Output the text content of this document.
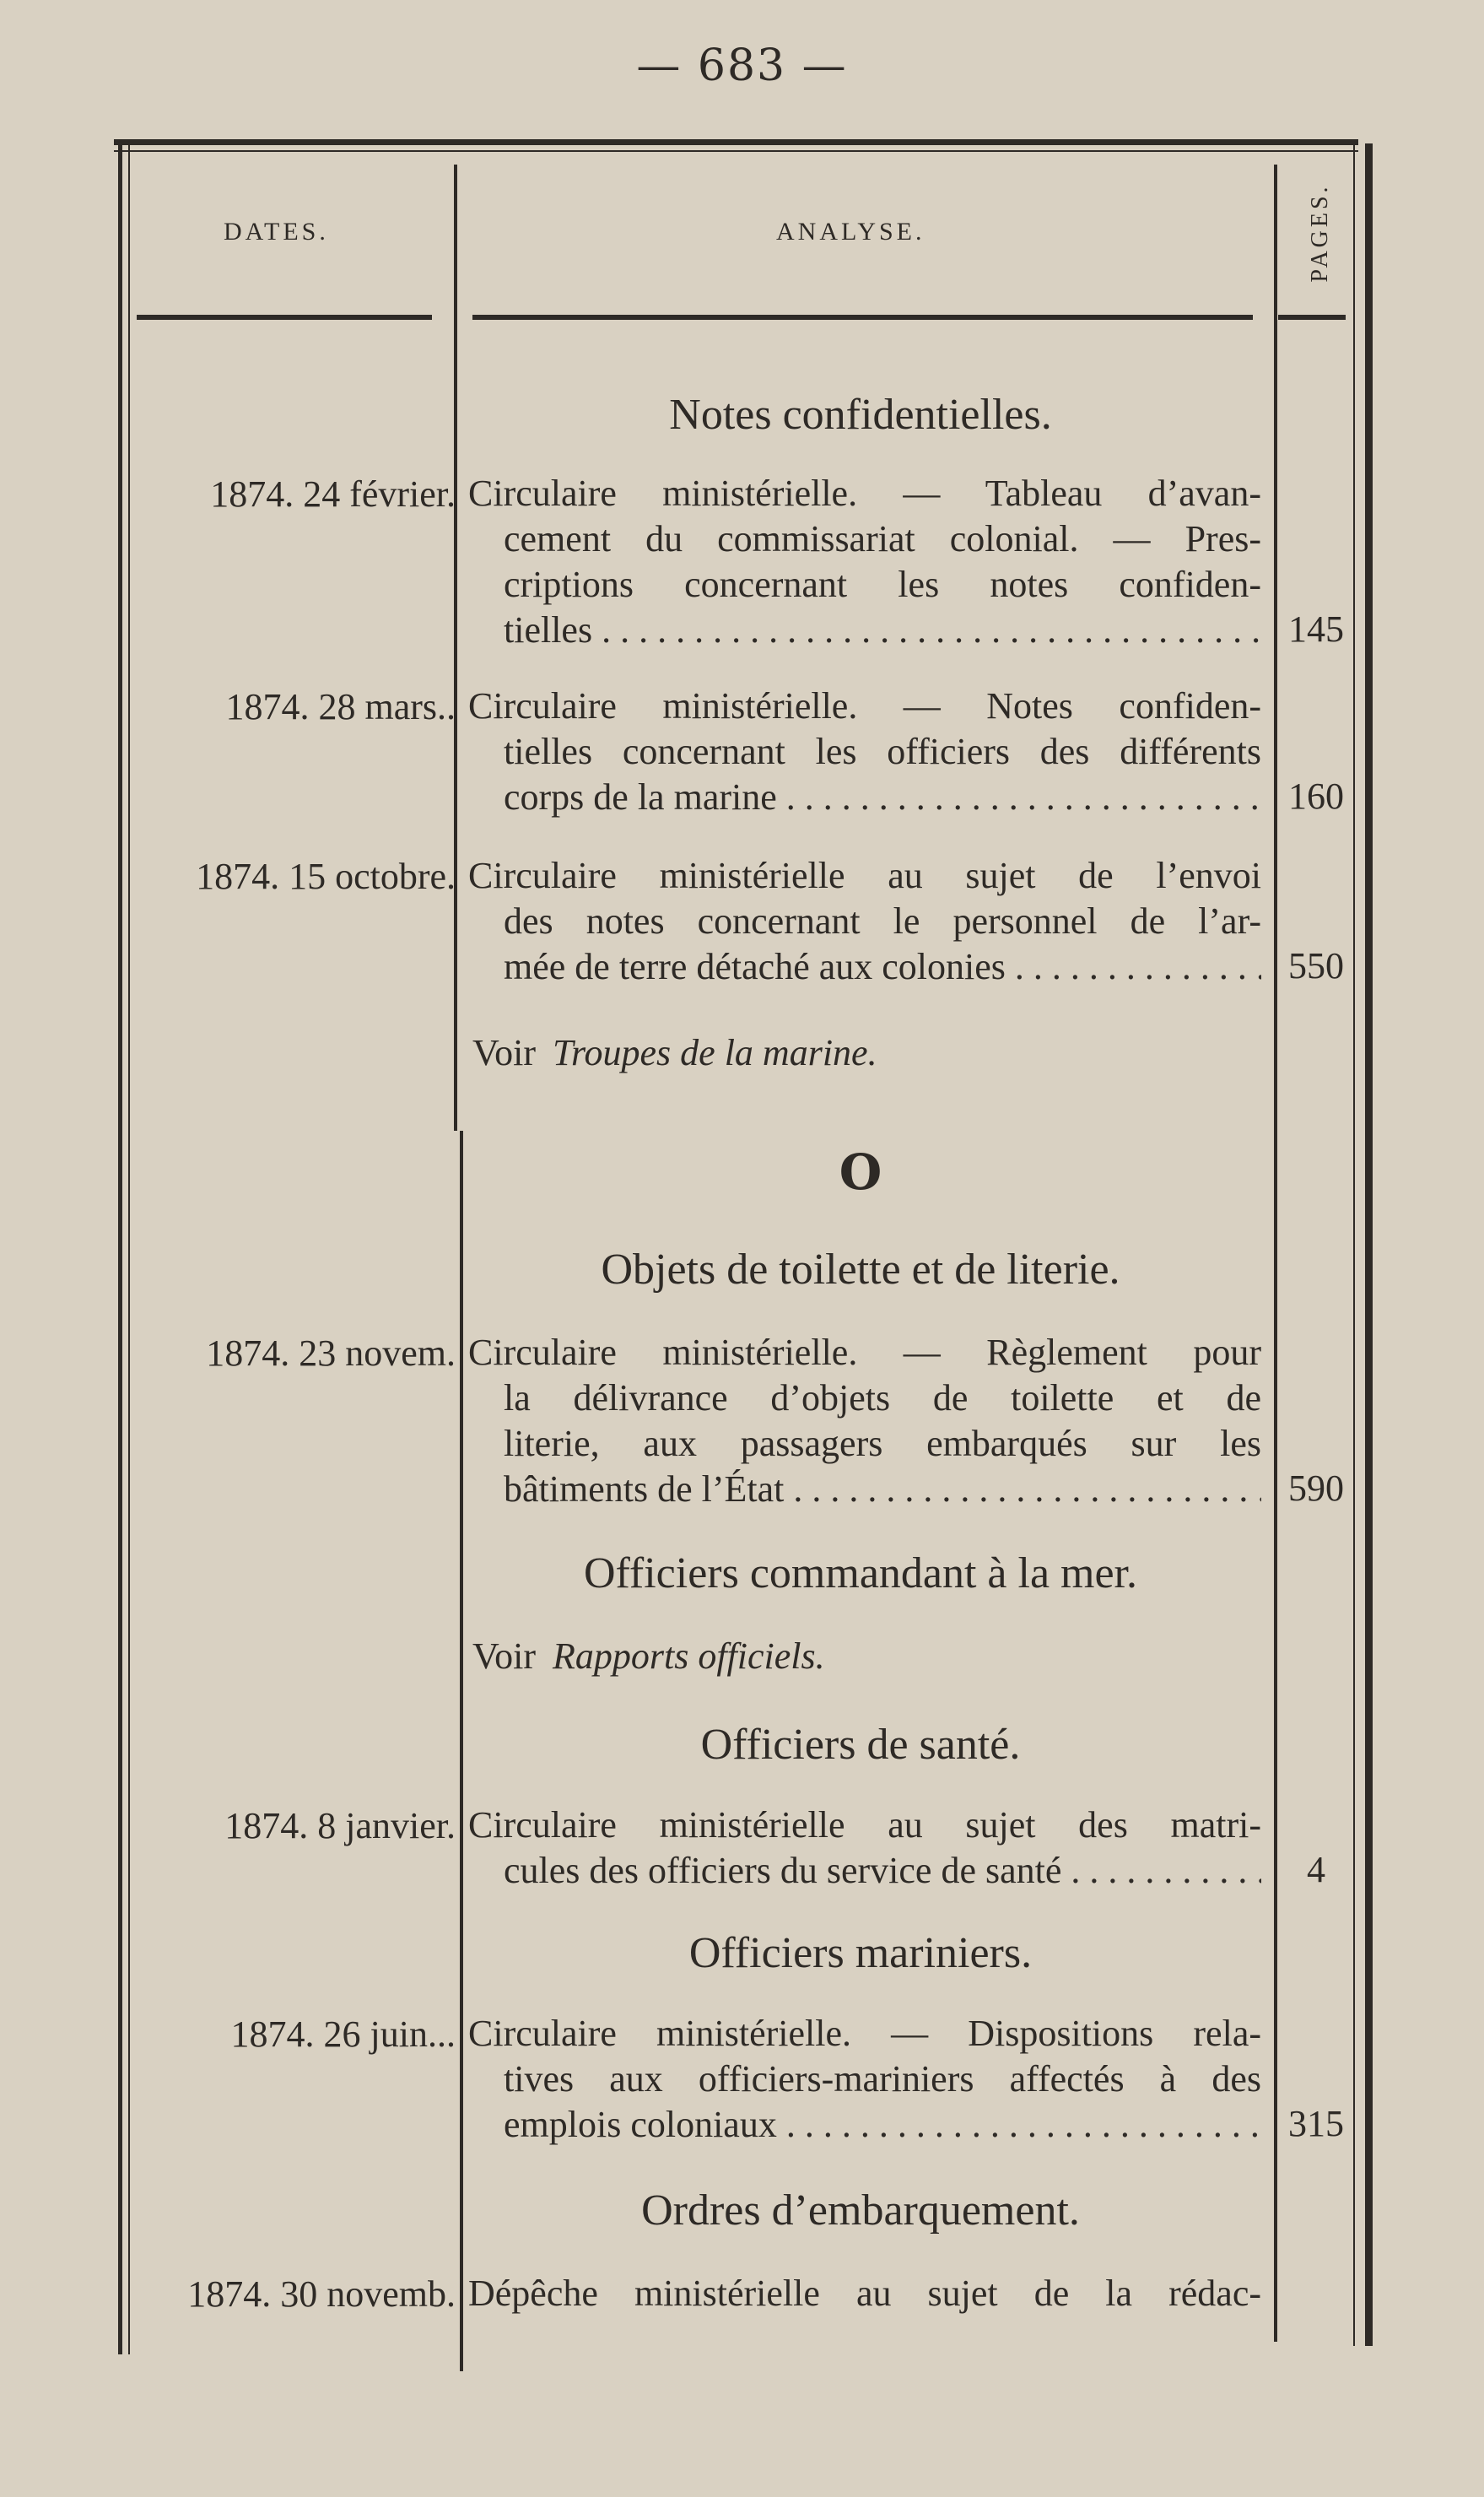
— 683 —
DATES.	ANALYSE.	PAGES.
Notes confidentielles.
1874. 24 février. Circulaire ministérielle. — Tableau d’avan-
cement du commissariat colonial. — Pres-
criptions concernant les notes confiden-
tielles . . .	145
1874. 28 mars.. Circulaire ministérielle. — Notes confiden-
tielles concernant les officiers des différents
corps de la marine . . .	160
1874. 15 octobre. Circulaire ministérielle au sujet de l’envoi
des notes concernant le personnel de l’ar-
mée de terre détaché aux colonies . . .	550
Voir Troupes de la marine.
O
Objets de toilette et de literie.
1874. 23 novem. Circulaire ministérielle. — Règlement pour
la délivrance d’objets de toilette et de
literie, aux passagers embarqués sur les
bâtiments de l’État . . .	590
Officiers commandant à la mer.
Voir Rapports officiels.
Officiers de santé.
1874. 8 janvier. Circulaire ministérielle au sujet des matri-
cules des officiers du service de santé . . .	4
Officiers mariniers.
1874. 26 juin... Circulaire ministérielle. — Dispositions rela-
tives aux officiers-mariniers affectés à des
emplois coloniaux . . .	315
Ordres d’embarquement.
1874. 30 novemb. Dépêche ministérielle au sujet de la rédac-
